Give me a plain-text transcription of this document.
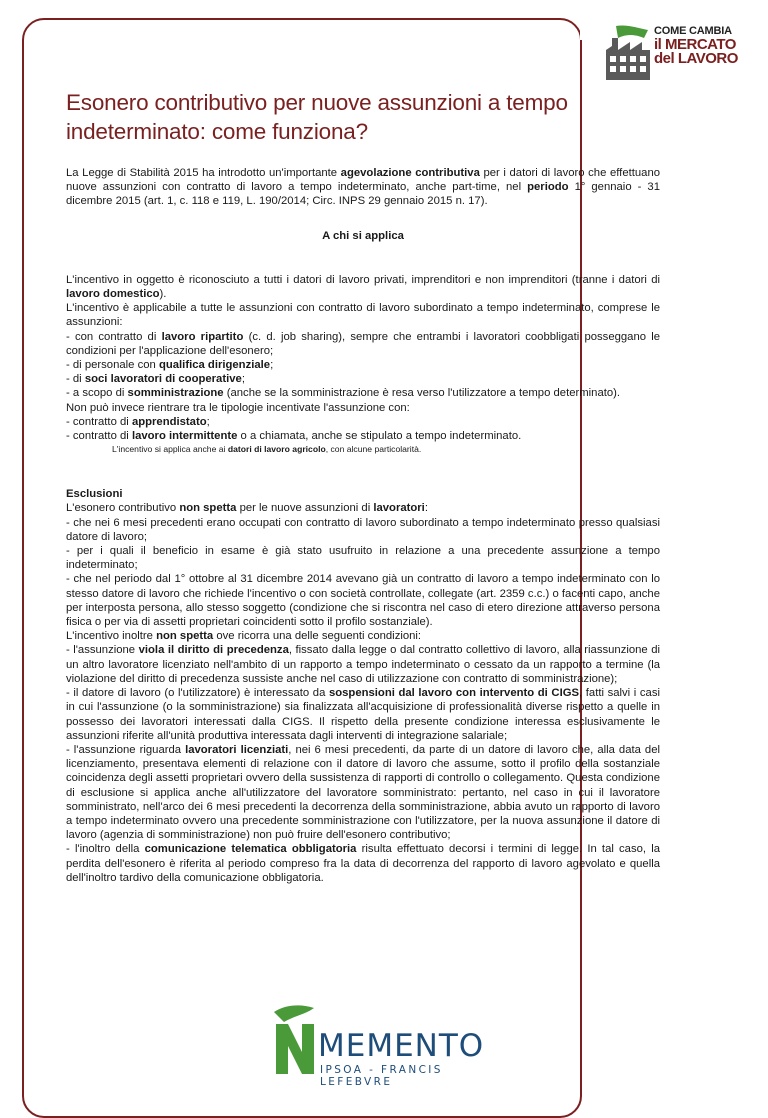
COME CAMBIA
il MERCATO
del LAVORO
Esonero contributivo per nuove assunzioni a tempo indeterminato: come funziona?

La Legge di Stabilità 2015 ha introdotto un'importante agevolazione contributiva per i datori di lavoro che effettuano nuove assunzioni con contratto di lavoro a tempo indeterminato, anche part-time, nel periodo 1° gennaio - 31 dicembre 2015 (art. 1, c. 118 e 119, L. 190/2014; Circ. INPS 29 gennaio 2015 n. 17).

A chi si applica

L'incentivo in oggetto è riconosciuto a tutti i datori di lavoro privati, imprenditori e non imprenditori (tranne i datori di lavoro domestico).

L'incentivo è applicabile a tutte le assunzioni con contratto di lavoro subordinato a tempo indeterminato, comprese le assunzioni:

- con contratto di lavoro ripartito (c. d. job sharing), sempre che entrambi i lavoratori coobbligati posseggano le condizioni per l'applicazione dell'esonero;

- di personale con qualifica dirigenziale;

- di soci lavoratori di cooperative;

- a scopo di somministrazione (anche se la somministrazione è resa verso l'utilizzatore a tempo determinato).

Non può invece rientrare tra le tipologie incentivate l'assunzione con:

- contratto di apprendistato;

- contratto di lavoro intermittente o a chiamata, anche se stipulato a tempo indeterminato.

L'incentivo si applica anche ai datori di lavoro agricolo, con alcune particolarità.

Esclusioni

L'esonero contributivo non spetta per le nuove assunzioni di lavoratori:

- che nei 6 mesi precedenti erano occupati con contratto di lavoro subordinato a tempo indeterminato presso qualsiasi datore di lavoro;

- per i quali il beneficio in esame è già stato usufruito in relazione a una precedente assunzione a tempo indeterminato;

- che nel periodo dal 1° ottobre al 31 dicembre 2014 avevano già un contratto di lavoro a tempo indeterminato con lo stesso datore di lavoro che richiede l'incentivo o con società controllate, collegate (art. 2359 c.c.) o facenti capo, anche per interposta persona, allo stesso soggetto (condizione che si riscontra nel caso di etero direzione attraverso persona fisica o per via di assetti proprietari coincidenti sotto il profilo sostanziale).

L'incentivo inoltre non spetta ove ricorra una delle seguenti condizioni:

- l'assunzione viola il diritto di precedenza, fissato dalla legge o dal contratto collettivo di lavoro, alla riassunzione di un altro lavoratore licenziato nell'ambito di un rapporto a tempo indeterminato o cessato da un rapporto a termine (la violazione del diritto di precedenza sussiste anche nel caso di utilizzazione con contratto di somministrazione);

- il datore di lavoro (o l'utilizzatore) è interessato da sospensioni dal lavoro con intervento di CIGS, fatti salvi i casi in cui l'assunzione (o la somministrazione) sia finalizzata all'acquisizione di professionalità diverse rispetto a quelle in possesso dei lavoratori interessati dalla CIGS. Il rispetto della presente condizione interessa esclusivamente le assunzioni riferite all'unità produttiva interessata dagli interventi di integrazione salariale;

- l'assunzione riguarda lavoratori licenziati, nei 6 mesi precedenti, da parte di un datore di lavoro che, alla data del licenziamento, presentava elementi di relazione con il datore di lavoro che assume, sotto il profilo della sostanziale coincidenza degli assetti proprietari ovvero della sussistenza di rapporti di controllo o collegamento. Questa condizione di esclusione si applica anche all'utilizzatore del lavoratore somministrato: pertanto, nel caso in cui il lavoratore somministrato, nell'arco dei 6 mesi precedenti la decorrenza della somministrazione, abbia avuto un rapporto di lavoro a tempo indeterminato ovvero una precedente somministrazione con l'utilizzatore, per la nuova assunzione il datore di lavoro (agenzia di somministrazione) non può fruire dell'esonero contributivo;

- l'inoltro della comunicazione telematica obbligatoria risulta effettuato decorsi i termini di legge. In tal caso, la perdita dell'esonero è riferita al periodo compreso fra la data di decorrenza del rapporto di lavoro agevolato e quella dell'inoltro tardivo della comunicazione obbligatoria.

MEMENTO
IPSOA - FRANCIS LEFEBVRE
